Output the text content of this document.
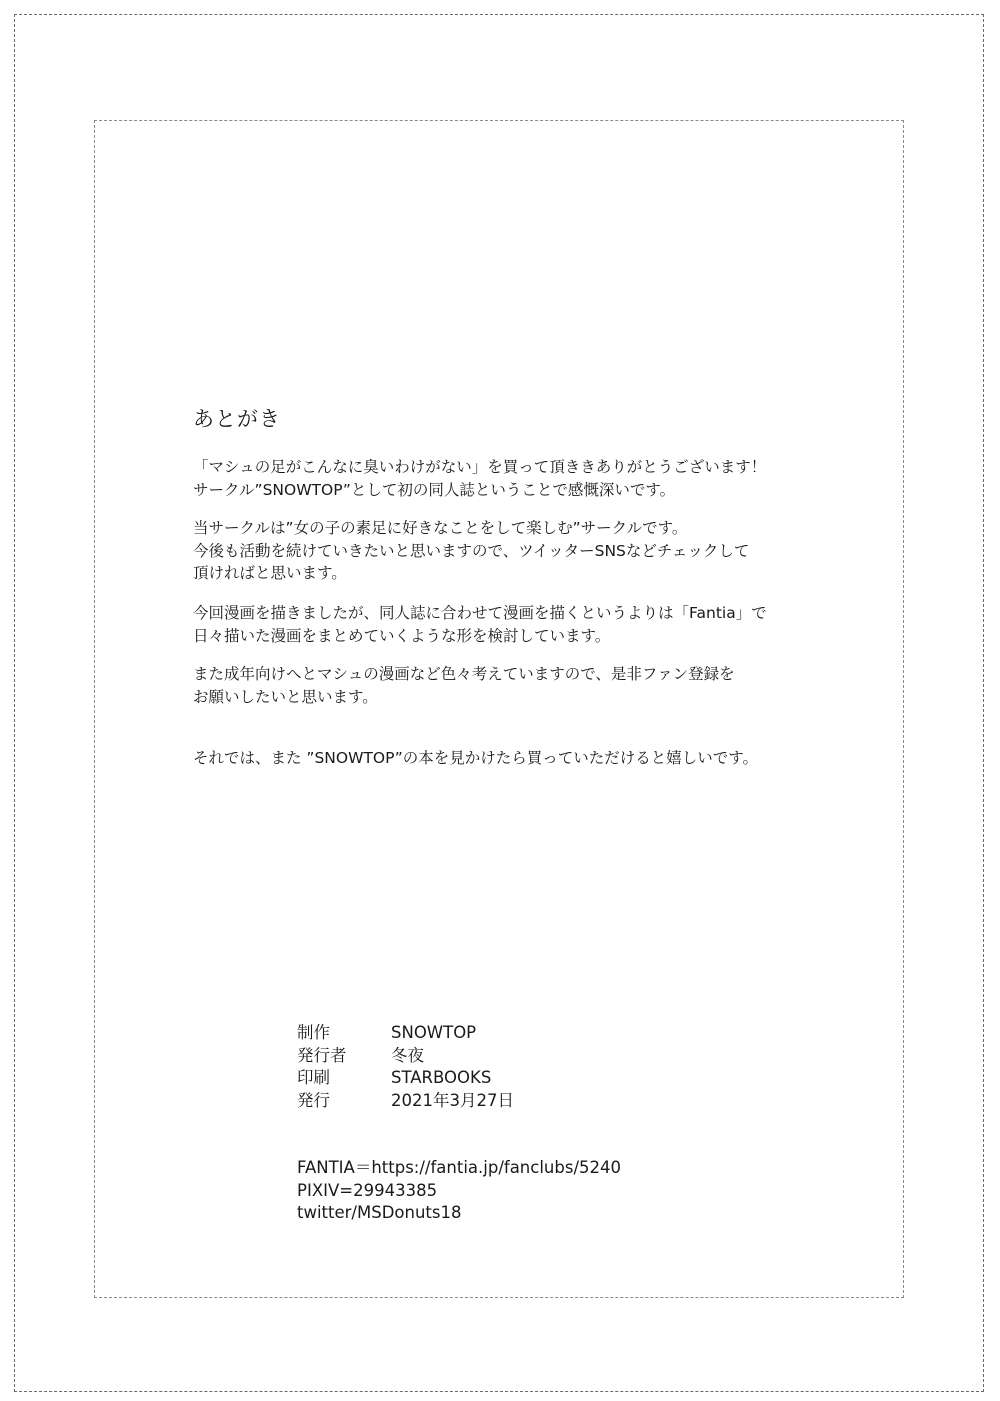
あとがき
「マシュの足がこんなに臭いわけがない」を買って頂ききありがとうございます！
サークル”SNOWTOP”として初の同人誌ということで感慨深いです。
当サークルは”女の子の素足に好きなことをして楽しむ”サークルです。
今後も活動を続けていきたいと思いますので、ツイッターSNSなどチェックして
頂ければと思います。
今回漫画を描きましたが、同人誌に合わせて漫画を描くというよりは「Fantia」で
日々描いた漫画をまとめていくような形を検討しています。
また成年向けへとマシュの漫画など色々考えていますので、是非ファン登録を
お願いしたいと思います。
それでは、また ”SNOWTOP”の本を見かけたら買っていただけると嬉しいです。
制作	SNOWTOP
発行者	冬夜
印刷	STARBOOKS
発行	2021年3月27日
FANTIA＝https://fantia.jp/fanclubs/5240
PIXIV=29943385
twitter/MSDonuts18
